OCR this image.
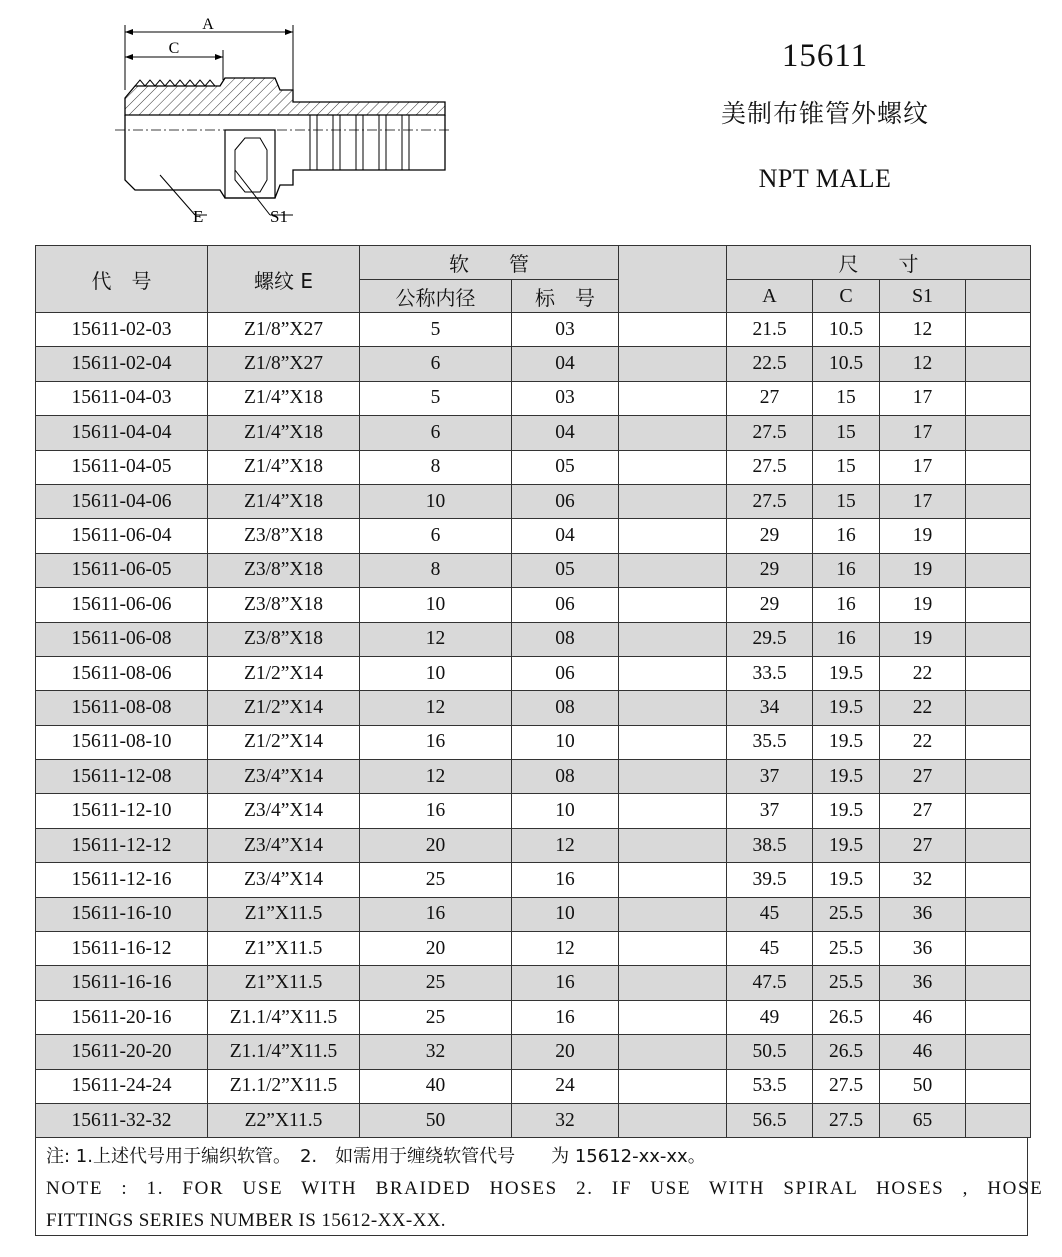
A
C
E	S1
15611
美制布锥管外螺纹
NPT MALE
代　号	螺纹 E	软　　管			尺　　寸			
		公称内径	标　号		A	C	S1	
15611-02-03	Z1/8”X27	5	03		21.5	10.5	12	
15611-02-04	Z1/8”X27	6	04		22.5	10.5	12	
15611-04-03	Z1/4”X18	5	03		27	15	17	
15611-04-04	Z1/4”X18	6	04		27.5	15	17	
15611-04-05	Z1/4”X18	8	05		27.5	15	17	
15611-04-06	Z1/4”X18	10	06		27.5	15	17	
15611-06-04	Z3/8”X18	6	04		29	16	19	
15611-06-05	Z3/8”X18	8	05		29	16	19	
15611-06-06	Z3/8”X18	10	06		29	16	19	
15611-06-08	Z3/8”X18	12	08		29.5	16	19	
15611-08-06	Z1/2”X14	10	06		33.5	19.5	22	
15611-08-08	Z1/2”X14	12	08		34	19.5	22	
15611-08-10	Z1/2”X14	16	10		35.5	19.5	22	
15611-12-08	Z3/4”X14	12	08		37	19.5	27	
15611-12-10	Z3/4”X14	16	10		37	19.5	27	
15611-12-12	Z3/4”X14	20	12		38.5	19.5	27	
15611-12-16	Z3/4”X14	25	16		39.5	19.5	32	
15611-16-10	Z1”X11.5	16	10		45	25.5	36	
15611-16-12	Z1”X11.5	20	12		45	25.5	36	
15611-16-16	Z1”X11.5	25	16		47.5	25.5	36	
15611-20-16	Z1.1/4”X11.5	25	16		49	26.5	46	
15611-20-20	Z1.1/4”X11.5	32	20		50.5	26.5	46	
15611-24-24	Z1.1/2”X11.5	40	24		53.5	27.5	50	
15611-32-32	Z2”X11.5	50	32		56.5	27.5	65	
注: 1.上述代号用于编织软管。　2.　如需用于缠绕软管代号　　为 15612-xx-xx。
NOTE : 1. FOR USE WITH BRAIDED HOSES 2. IF USE WITH SPIRAL HOSES , HOSE
FITTINGS SERIES NUMBER IS 15612-XX-XX.
